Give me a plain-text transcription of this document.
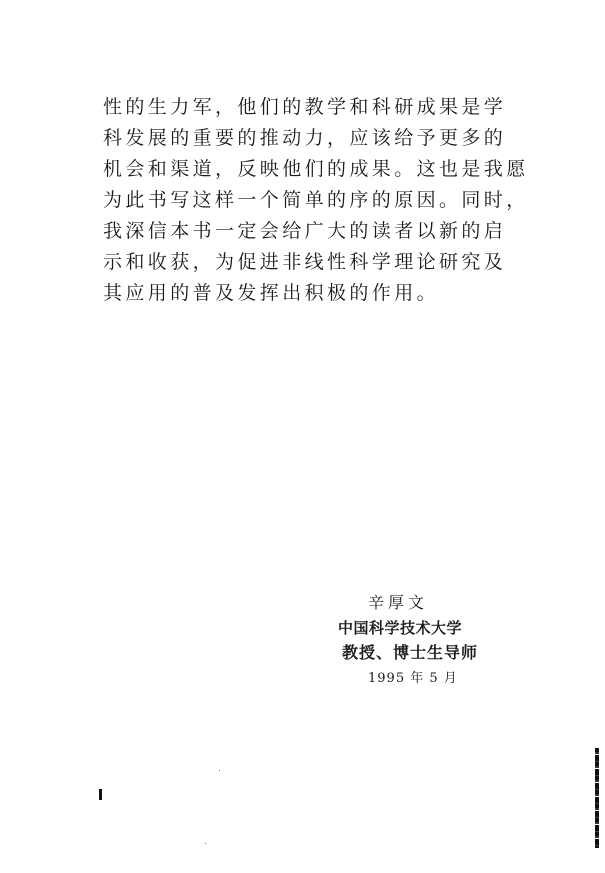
性的生力军，他们的教学和科研成果是学
科发展的重要的推动力，应该给予更多的
机会和渠道，反映他们的成果。这也是我愿
为此书写这样一个简单的序的原因。同时，
我深信本书一定会给广大的读者以新的启
示和收获，为促进非线性科学理论研究及
其应用的普及发挥出积极的作用。
辛厚文
中国科学技术大学
教授、博士生导师
1995 年 5 月
